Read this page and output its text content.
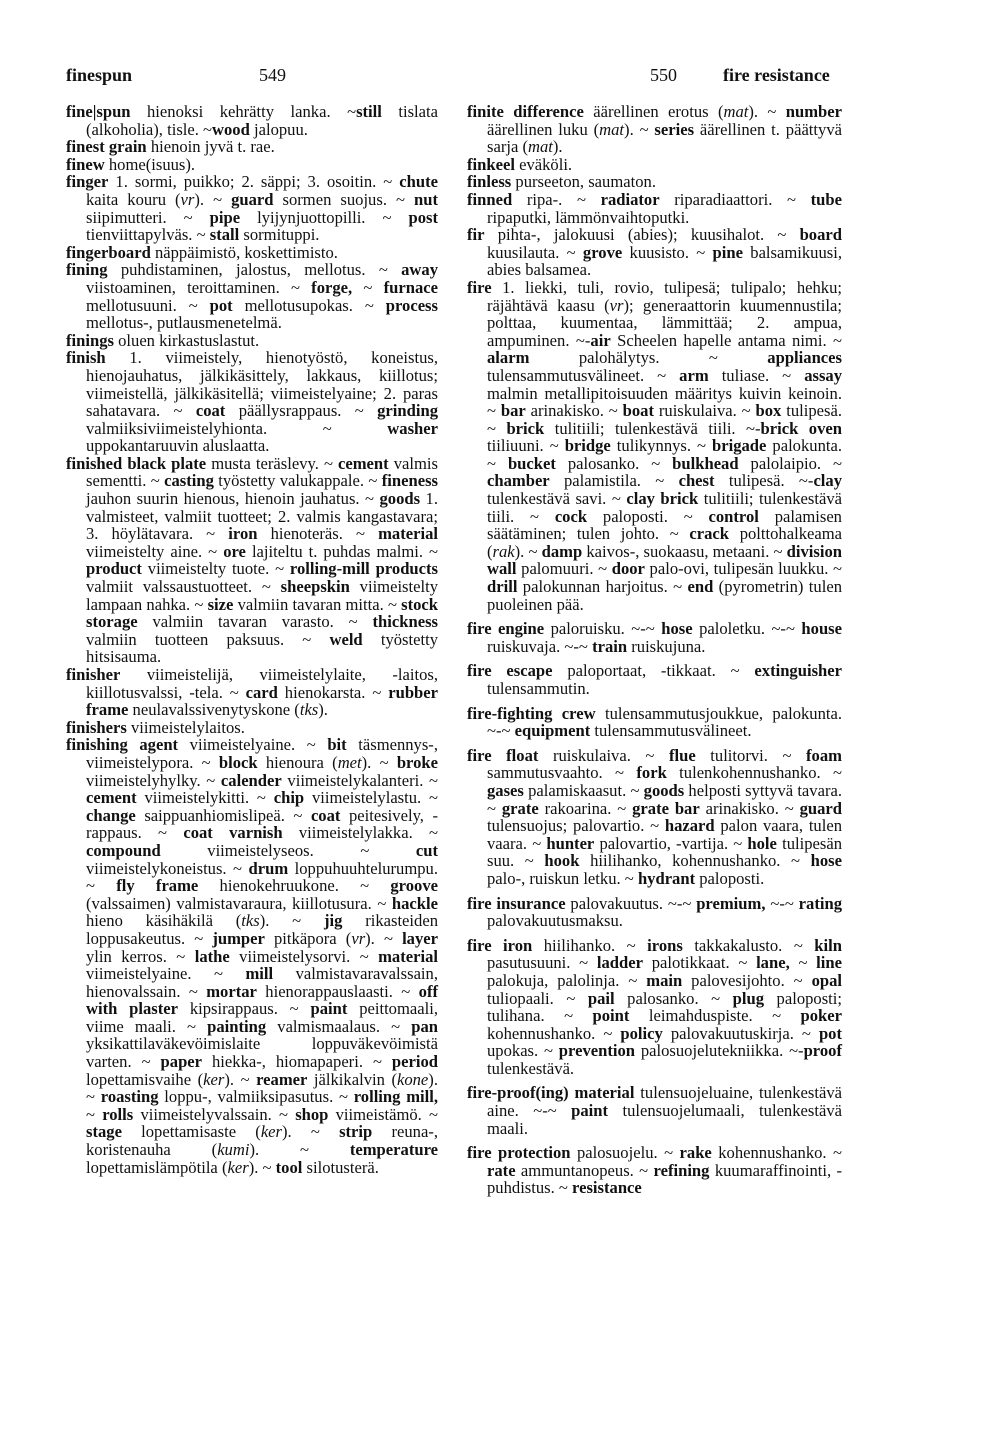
finespun	549	550	fire resistance

fine|spun hienoksi kehrätty lanka. ~still tislata (alkoholia), tisle. ~wood jalopuu.

finest grain hienoin jyvä t. rae.

finew home(isuus).

finger 1. sormi, puikko; 2. säppi; 3. osoitin. ~ chute kaita kouru (vr). ~ guard sormen suojus. ~ nut siipimutteri. ~ pipe lyijynjuottopilli. ~ post tienviittapylväs. ~ stall sormituppi.

fingerboard näppäimistö, koskettimisto.

fining puhdistaminen, jalostus, mellotus. ~ away viistoaminen, teroittaminen. ~ forge, ~ furnace mellotusuuni. ~ pot mellotusupokas. ~ process mellotus-, putlausmenetelmä.

finings oluen kirkastuslastut.

finish 1. viimeistely, hienotyöstö, koneistus, hienojauhatus, jälkikäsittely, lakkaus, kiillotus; viimeistellä, jälkikäsitellä; viimeistelyaine; 2. paras sahatavara. ~ coat päällysrappaus. ~ grinding valmiiksiviimeistelyhionta. ~ washer uppokantaruuvin aluslaatta.

finished black plate musta teräslevy. ~ cement valmis sementti. ~ casting työstetty valukappale. ~ fineness jauhon suurin hienous, hienoin jauhatus. ~ goods 1. valmisteet, valmiit tuotteet; 2. valmis kangastavara; 3. höylätavara. ~ iron hienoteräs. ~ material viimeistelty aine. ~ ore lajiteltu t. puhdas malmi. ~ product viimeistelty tuote. ~ rolling-mill products valmiit valssaustuotteet. ~ sheepskin viimeistelty lampaan nahka. ~ size valmiin tavaran mitta. ~ stock storage valmiin tavaran varasto. ~ thickness valmiin tuotteen paksuus. ~ weld työstetty hitsisauma.

finisher viimeistelijä, viimeistelylaite, -laitos, kiillotusvalssi, -tela. ~ card hienokarsta. ~ rubber frame neulavalssivenytyskone (tks).

finishers viimeistelylaitos.

finishing agent viimeistelyaine. ~ bit täsmennys-, viimeistelypora. ~ block hienoura (met). ~ broke viimeistelyhylky. ~ calender viimeistelykalanteri. ~ cement viimeistelykitti. ~ chip viimeistelylastu. ~ change saippuanhiomislipeä. ~ coat peitesively, -rappaus. ~ coat varnish viimeistelylakka. ~ compound viimeistelyseos. ~ cut viimeistelykoneistus. ~ drum loppuhuuhtelurumpu. ~ fly frame hienokehruukone. ~ groove (valssaimen) valmistavaraura, kiillotusura. ~ hackle hieno käsihäkilä (tks). ~ jig rikasteiden loppusakeutus. ~ jumper pitkäpora (vr). ~ layer ylin kerros. ~ lathe viimeistelysorvi. ~ material viimeistelyaine. ~ mill valmistavaravalssain, hienovalssain. ~ mortar hienorappauslaasti. ~ off with plaster kipsirappaus. ~ paint peittomaali, viime maali. ~ painting valmismaalaus. ~ pan yksikattilaväkevöimislaite loppuväkevöimistä varten. ~ paper hiekka-, hiomapaperi. ~ period lopettamisvaihe (ker). ~ reamer jälkikalvin (kone). ~ roasting loppu-, valmiiksipasutus. ~ rolling mill, ~ rolls viimeistelyvalssain. ~ shop viimeistämö. ~ stage lopettamisaste (ker). ~ strip reuna-, koristenauha (kumi). ~ temperature lopettamislämpötila (ker). ~ tool silotusterä.

finite difference äärellinen erotus (mat). ~ number äärellinen luku (mat). ~ series äärellinen t. päättyvä sarja (mat).

finkeel eväköli.

finless purseeton, saumaton.

finned ripa-. ~ radiator riparadiaattori. ~ tube ripaputki, lämmönvaihtoputki.

fir pihta-, jalokuusi (abies); kuusihalot. ~ board kuusilauta. ~ grove kuusisto. ~ pine balsamikuusi, abies balsamea.

fire 1. liekki, tuli, rovio, tulipesä; tulipalo; hehku; räjähtävä kaasu (vr); generaattorin kuumennustila; polttaa, kuumentaa, lämmittää; 2. ampua, ampuminen. ~-air Scheelen hapelle antama nimi. ~ alarm palohälytys. ~ appliances tulensammutusvälineet. ~ arm tuliase. ~ assay malmin metallipitoisuuden määritys kuivin keinoin. ~ bar arinakisko. ~ boat ruiskulaiva. ~ box tulipesä. ~ brick tulitiili; tulenkestävä tiili. ~-brick oven tiiliuuni. ~ bridge tulikynnys. ~ brigade palokunta. ~ bucket palosanko. ~ bulkhead palolaipio. ~ chamber palamistila. ~ chest tulipesä. ~-clay tulenkestävä savi. ~ clay brick tulitiili; tulenkestävä tiili. ~ cock paloposti. ~ control palamisen säätäminen; tulen johto. ~ crack polttohalkeama (rak). ~ damp kaivos-, suokaasu, metaani. ~ division wall palomuuri. ~ door palo-ovi, tulipesän luukku. ~ drill palokunnan harjoitus. ~ end (pyrometrin) tulen puoleinen pää.

fire engine paloruisku. ~-~ hose paloletku. ~-~ house ruiskuvaja. ~-~ train ruiskujuna.

fire escape paloportaat, -tikkaat. ~ extinguisher tulensammutin.

fire-fighting crew tulensammutusjoukkue, palokunta. ~-~ equipment tulensammutusvälineet.

fire float ruiskulaiva. ~ flue tulitorvi. ~ foam sammutusvaahto. ~ fork tulenkohennushanko. ~ gases palamiskaasut. ~ goods helposti syttyvä tavara. ~ grate rakoarina. ~ grate bar arinakisko. ~ guard tulensuojus; palovartio. ~ hazard palon vaara, tulen vaara. ~ hunter palovartio, -vartija. ~ hole tulipesän suu. ~ hook hiilihanko, kohennushanko. ~ hose palo-, ruiskun letku. ~ hydrant paloposti.

fire insurance palovakuutus. ~-~ premium, ~-~ rating palovakuutusmaksu.

fire iron hiilihanko. ~ irons takkakalusto. ~ kiln pasutusuuni. ~ ladder palotikkaat. ~ lane, ~ line palokuja, palolinja. ~ main palovesijohto. ~ opal tuliopaali. ~ pail palosanko. ~ plug paloposti; tulihana. ~ point leimahduspiste. ~ poker kohennushanko. ~ policy palovakuutuskirja. ~ pot upokas. ~ prevention palosuojelutekniikka. ~-proof tulenkestävä.

fire-proof(ing) material tulensuojeluaine, tulenkestävä aine. ~-~ paint tulensuojelumaali, tulenkestävä maali.

fire protection palosuojelu. ~ rake kohennushanko. ~ rate ammuntanopeus. ~ refining kuumaraffinointi, -puhdistus. ~ resistance
